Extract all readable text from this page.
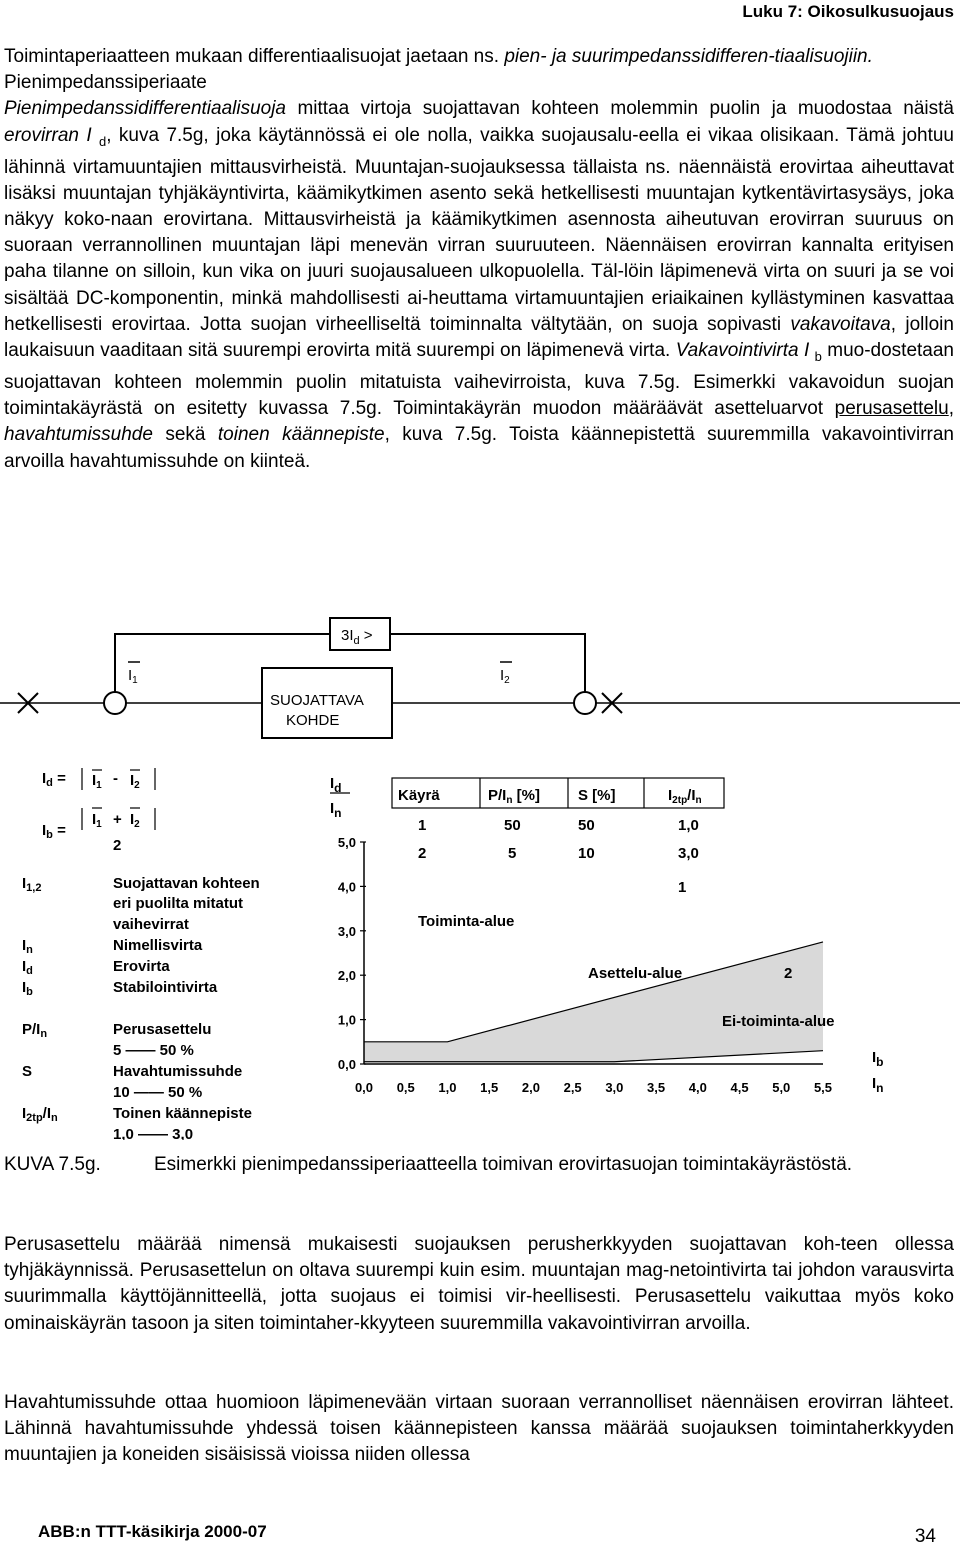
Luku 7: Oikosulkusuojaus

Toimintaperiaatteen mukaan differentiaalisuojat jaetaan ns. pien- ja suurimpedanssidifferen-tiaalisuojiin.

Pienimpedanssiperiaate

Pienimpedanssidifferentiaalisuoja mittaa virtoja suojattavan kohteen molemmin puolin ja muodostaa näistä erovirran I $_d$, kuva 7.5g, joka käytännössä ei ole nolla, vaikka suojausalu-eella ei vikaa olisikaan. Tämä johtuu lähinnä virtamuuntajien mittausvirheistä. Muuntajan-suojauksessa tällaista ns. näennäistä erovirtaa aiheuttavat lisäksi muuntajan tyhjäkäyntivirta, käämikytkimen asento sekä hetkellisesti muuntajan kytkentävirtasysäys, joka näkyy koko-naan erovirtana. Mittausvirheistä ja käämikytkimen asennosta aiheutuvan erovirran suuruus on suoraan verrannollinen muuntajan läpi menevän virran suuruuteen. Näennäisen erovirran kannalta erityisen paha tilanne on silloin, kun vika on juuri suojausalueen ulkopuolella. Täl-löin läpimenevä virta on suuri ja se voi sisältää DC-komponentin, minkä mahdollisesti ai-heuttama virtamuuntajien eriaikainen kyllästyminen kasvattaa hetkellisesti erovirtaa. Jotta suojan virheelliseltä toiminnalta vältytään, on suoja sopivasti vakavoitava, jolloin laukaisuun vaaditaan sitä suurempi erovirta mitä suurempi on läpimenevä virta. Vakavointivirta I $_b$ muo-dostetaan suojattavan kohteen molemmin puolin mitatuista vaihevirroista, kuva 7.5g. Esimerkki vakavoidun suojan toimintakäyrästä on esitetty kuvassa 7.5g. Toimintakäyrän muodon määräävät asetteluarvot perusasettelu, havahtumissuhde sekä toinen käännepiste, kuva 7.5g. Toista käännepistettä suuremmilla vakavointivirran arvoilla havahtumissuhde on kiinteä.

$3I_d$ >
$I_1$	$I_2$
SUOJATTAVA
KOHDE
$I_d = I_1 - I_2$
$I_b$ =
$I_1 + I_2$
2
$I_{1,2}$	Suojattavan kohteen
eri puolilta mitatut
vaihevirrat
$I_n$	Nimellisvirta
$I_d$	Erovirta
$I_b$	Stabilointivirta
$P/I_n$	Perusasettelu
5 —— 50 %
S	Havahtumissuhde
10 —— 50 %
$I_{2tp}/I_n$	Toinen käännepiste
1,0 —— 3,0
$I_d$
$I_n$
Käyrä	$P/I_n$ [%]	S [%]	$I_{2tp}/I_n$
1	50	50	1,0
2	5	10	3,0
0,0 0,5 1,0 1,5 2,0 2,5 3,0 3,5 4,0 4,5 5,0 5,5
0,0
1,0
2,0
3,0
4,0
5,0
Toiminta-alue
Asettelu-alue
Ei-toiminta-alue
1
2
$I_b$
$I_n$
KUVA 7.5g.	Esimerkki pienimpedanssiperiaatteella toimivan erovirtasuojan toimintakäyrästöstä.
Perusasettelu määrää nimensä mukaisesti suojauksen perusherkkyyden suojattavan koh-teen ollessa tyhjäkäynnissä. Perusasettelun on oltava suurempi kuin esim. muuntajan mag-netointivirta tai johdon varausvirta suurimmalla käyttöjännitteellä, jotta suojaus ei toimisi vir-heellisesti. Perusasettelu vaikuttaa myös koko ominaiskäyrän tasoon ja siten toimintaher-kkyyteen suuremmilla vakavointivirran arvoilla.
Havahtumissuhde ottaa huomioon läpimenevään virtaan suoraan verrannolliset näennäisen erovirran lähteet. Lähinnä havahtumissuhde yhdessä toisen käännepisteen kanssa määrää suojauksen toimintaherkkyyden muuntajien ja koneiden sisäisissä vioissa niiden ollessa
ABB:n TTT-käsikirja 2000-07	34
